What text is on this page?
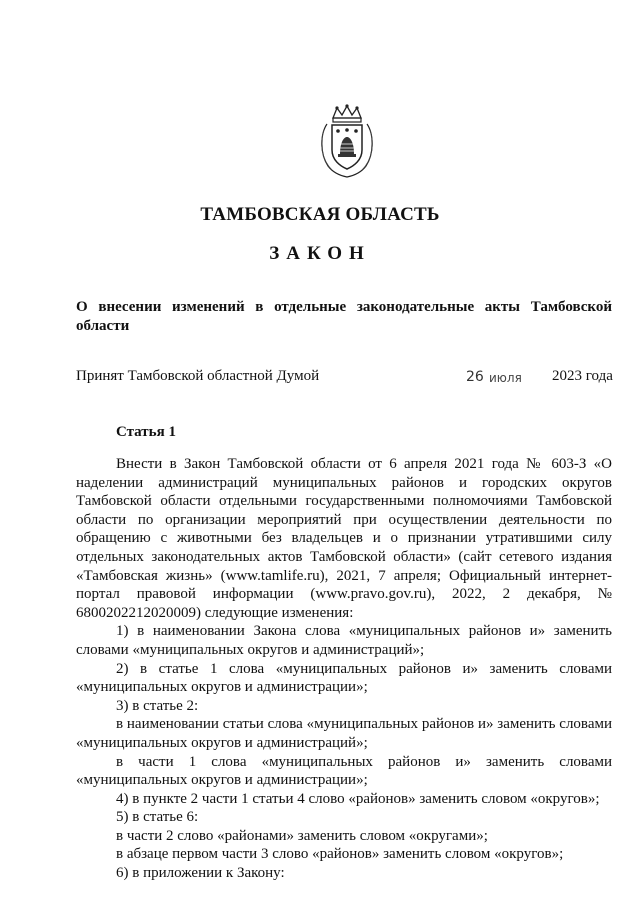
ТАМБОВСКАЯ ОБЛАСТЬ
ЗАКОН
О внесении изменений в отдельные законодательные акты Тамбовской области
Принят Тамбовской областной Думой	26 июля 2023 года
Статья 1

Внести в Закон Тамбовской области от 6 апреля 2021 года № 603-З «О наделении администраций муниципальных районов и городских округов Тамбовской области отдельными государственными полномочиями Тамбовской области по организации мероприятий при осуществлении деятельности по обращению с животными без владельцев и о признании утратившими силу отдельных законодательных актов Тамбовской области» (сайт сетевого издания «Тамбовская жизнь» (www.tamlife.ru), 2021, 7 апреля; Официальный интернет-портал правовой информации (www.pravo.gov.ru), 2022, 2 декабря, № 6800202212020009) следующие изменения:

1) в наименовании Закона слова «муниципальных районов и» заменить словами «муниципальных округов и администраций»;

2) в статье 1 слова «муниципальных районов и» заменить словами «муниципальных округов и администрации»;

3) в статье 2:

в наименовании статьи слова «муниципальных районов и» заменить словами «муниципальных округов и администраций»;

в части 1 слова «муниципальных районов и» заменить словами «муниципальных округов и администрации»;

4) в пункте 2 части 1 статьи 4 слово «районов» заменить словом «округов»;

5) в статье 6:

в части 2 слово «районами» заменить словом «округами»;

в абзаце первом части 3 слово «районов» заменить словом «округов»;

6) в приложении к Закону:
